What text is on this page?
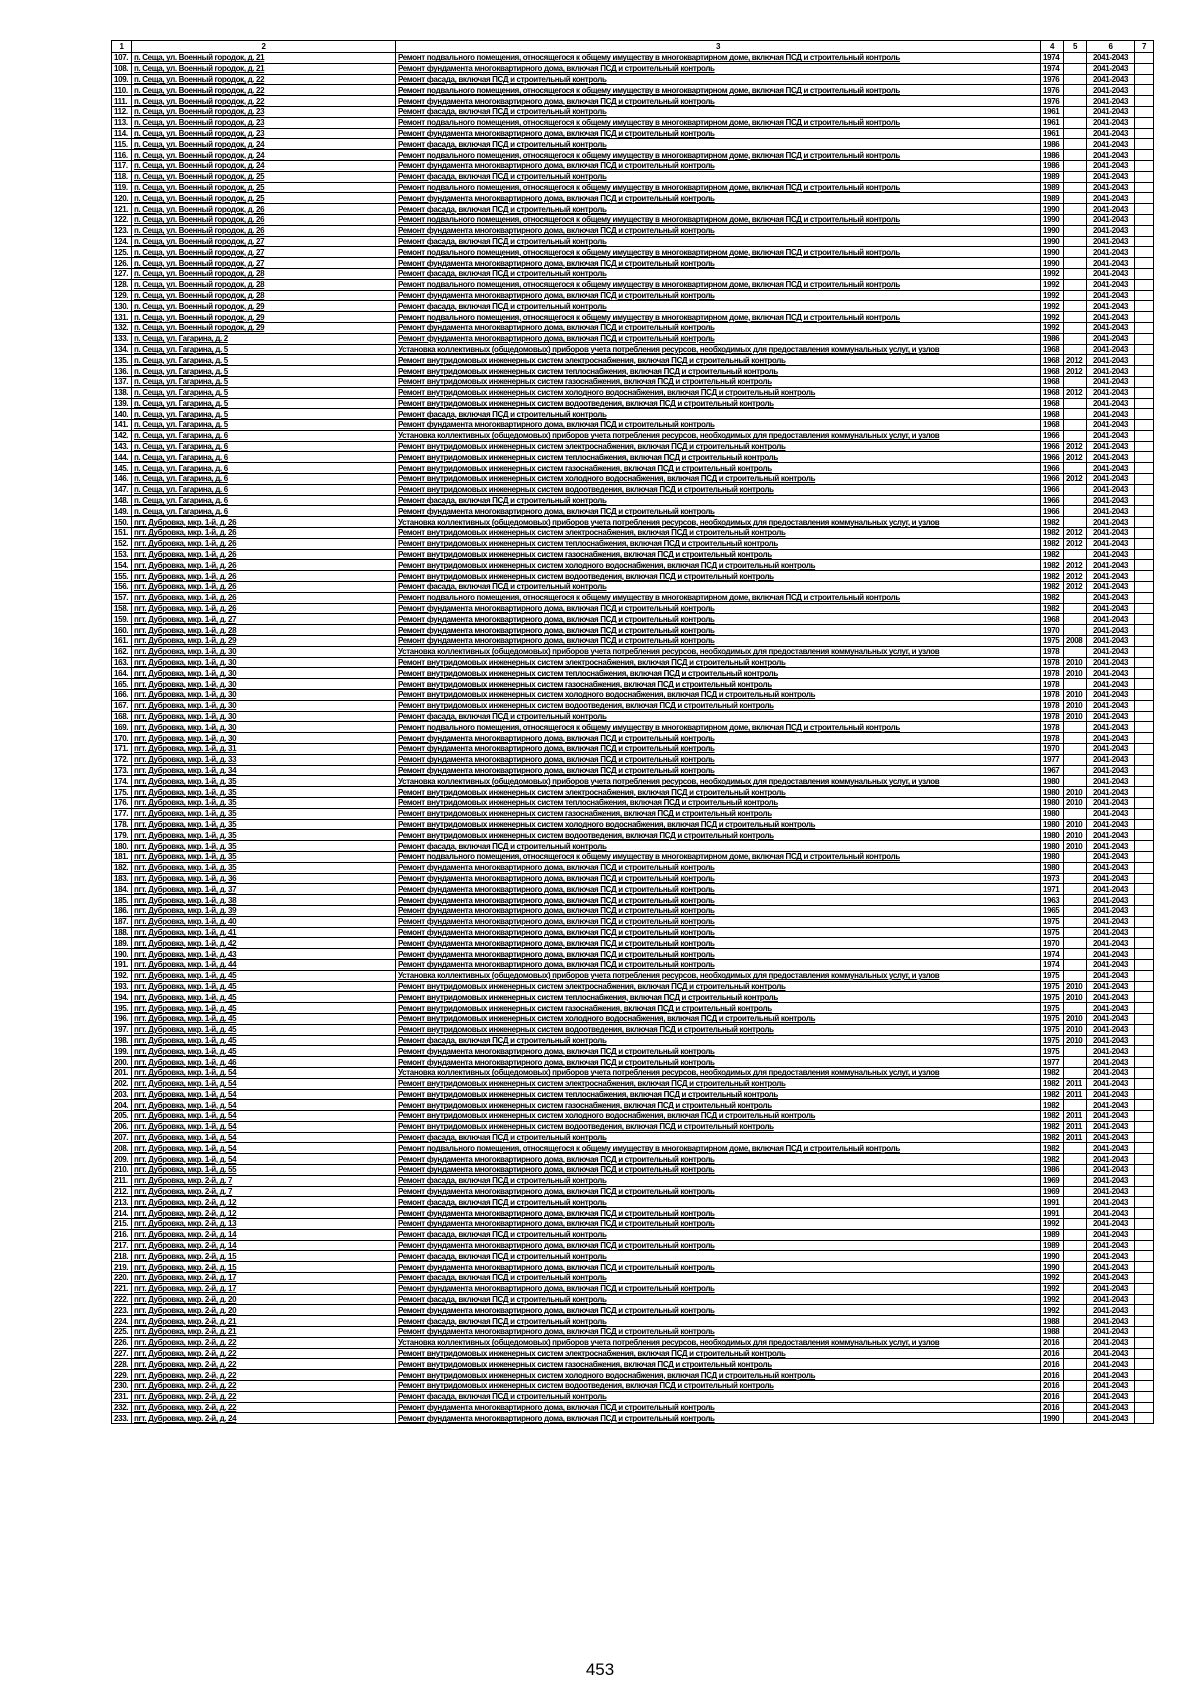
1	2	3	4	5	6	7
107.	п. Сеща, ул. Военный городок, д. 21	Ремонт подвального помещения, относящегося к общему имуществу в многоквартирном доме, включая ПСД и строительный контроль	1974		2041-2043	
108.	п. Сеща, ул. Военный городок, д. 21	Ремонт фундамента многоквартирного дома, включая ПСД и строительный контроль	1974		2041-2043	
109.	п. Сеща, ул. Военный городок, д. 22	Ремонт фасада, включая ПСД и строительный контроль	1976		2041-2043	
110.	п. Сеща, ул. Военный городок, д. 22	Ремонт подвального помещения, относящегося к общему имуществу в многоквартирном доме, включая ПСД и строительный контроль	1976		2041-2043	
111.	п. Сеща, ул. Военный городок, д. 22	Ремонт фундамента многоквартирного дома, включая ПСД и строительный контроль	1976		2041-2043	
112.	п. Сеща, ул. Военный городок, д. 23	Ремонт фасада, включая ПСД и строительный контроль	1961		2041-2043	
113.	п. Сеща, ул. Военный городок, д. 23	Ремонт подвального помещения, относящегося к общему имуществу в многоквартирном доме, включая ПСД и строительный контроль	1961		2041-2043	
114.	п. Сеща, ул. Военный городок, д. 23	Ремонт фундамента многоквартирного дома, включая ПСД и строительный контроль	1961		2041-2043	
115.	п. Сеща, ул. Военный городок, д. 24	Ремонт фасада, включая ПСД и строительный контроль	1986		2041-2043	
116.	п. Сеща, ул. Военный городок, д. 24	Ремонт подвального помещения, относящегося к общему имуществу в многоквартирном доме, включая ПСД и строительный контроль	1986		2041-2043	
117.	п. Сеща, ул. Военный городок, д. 24	Ремонт фундамента многоквартирного дома, включая ПСД и строительный контроль	1986		2041-2043	
118.	п. Сеща, ул. Военный городок, д. 25	Ремонт фасада, включая ПСД и строительный контроль	1989		2041-2043	
119.	п. Сеща, ул. Военный городок, д. 25	Ремонт подвального помещения, относящегося к общему имуществу в многоквартирном доме, включая ПСД и строительный контроль	1989		2041-2043	
120.	п. Сеща, ул. Военный городок, д. 25	Ремонт фундамента многоквартирного дома, включая ПСД и строительный контроль	1989		2041-2043	
121.	п. Сеща, ул. Военный городок, д. 26	Ремонт фасада, включая ПСД и строительный контроль	1990		2041-2043	
122.	п. Сеща, ул. Военный городок, д. 26	Ремонт подвального помещения, относящегося к общему имуществу в многоквартирном доме, включая ПСД и строительный контроль	1990		2041-2043	
123.	п. Сеща, ул. Военный городок, д. 26	Ремонт фундамента многоквартирного дома, включая ПСД и строительный контроль	1990		2041-2043	
124.	п. Сеща, ул. Военный городок, д. 27	Ремонт фасада, включая ПСД и строительный контроль	1990		2041-2043	
125.	п. Сеща, ул. Военный городок, д. 27	Ремонт подвального помещения, относящегося к общему имуществу в многоквартирном доме, включая ПСД и строительный контроль	1990		2041-2043	
126.	п. Сеща, ул. Военный городок, д. 27	Ремонт фундамента многоквартирного дома, включая ПСД и строительный контроль	1990		2041-2043	
127.	п. Сеща, ул. Военный городок, д. 28	Ремонт фасада, включая ПСД и строительный контроль	1992		2041-2043	
128.	п. Сеща, ул. Военный городок, д. 28	Ремонт подвального помещения, относящегося к общему имуществу в многоквартирном доме, включая ПСД и строительный контроль	1992		2041-2043	
129.	п. Сеща, ул. Военный городок, д. 28	Ремонт фундамента многоквартирного дома, включая ПСД и строительный контроль	1992		2041-2043	
130.	п. Сеща, ул. Военный городок, д. 29	Ремонт фасада, включая ПСД и строительный контроль	1992		2041-2043	
131.	п. Сеща, ул. Военный городок, д. 29	Ремонт подвального помещения, относящегося к общему имуществу в многоквартирном доме, включая ПСД и строительный контроль	1992		2041-2043	
132.	п. Сеща, ул. Военный городок, д. 29	Ремонт фундамента многоквартирного дома, включая ПСД и строительный контроль	1992		2041-2043	
133.	п. Сеща, ул. Гагарина, д. 2	Ремонт фундамента многоквартирного дома, включая ПСД и строительный контроль	1986		2041-2043	
134.	п. Сеща, ул. Гагарина, д. 5	Установка коллективных (общедомовых) приборов учета потребления ресурсов, необходимых для предоставления коммунальных услуг, и узлов	1968		2041-2043	
135.	п. Сеща, ул. Гагарина, д. 5	Ремонт внутридомовых инженерных систем электроснабжения, включая ПСД и строительный контроль	1968	2012	2041-2043	
136.	п. Сеща, ул. Гагарина, д. 5	Ремонт внутридомовых инженерных систем теплоснабжения, включая ПСД и строительный контроль	1968	2012	2041-2043	
137.	п. Сеща, ул. Гагарина, д. 5	Ремонт внутридомовых инженерных систем газоснабжения, включая ПСД и строительный контроль	1968		2041-2043	
138.	п. Сеща, ул. Гагарина, д. 5	Ремонт внутридомовых инженерных систем холодного водоснабжения, включая ПСД и строительный контроль	1968	2012	2041-2043	
139.	п. Сеща, ул. Гагарина, д. 5	Ремонт внутридомовых инженерных систем водоотведения, включая ПСД и строительный контроль	1968		2041-2043	
140.	п. Сеща, ул. Гагарина, д. 5	Ремонт фасада, включая ПСД и строительный контроль	1968		2041-2043	
141.	п. Сеща, ул. Гагарина, д. 5	Ремонт фундамента многоквартирного дома, включая ПСД и строительный контроль	1968		2041-2043	
142.	п. Сеща, ул. Гагарина, д. 6	Установка коллективных (общедомовых) приборов учета потребления ресурсов, необходимых для предоставления коммунальных услуг, и узлов	1966		2041-2043	
143.	п. Сеща, ул. Гагарина, д. 6	Ремонт внутридомовых инженерных систем электроснабжения, включая ПСД и строительный контроль	1966	2012	2041-2043	
144.	п. Сеща, ул. Гагарина, д. 6	Ремонт внутридомовых инженерных систем теплоснабжения, включая ПСД и строительный контроль	1966	2012	2041-2043	
145.	п. Сеща, ул. Гагарина, д. 6	Ремонт внутридомовых инженерных систем газоснабжения, включая ПСД и строительный контроль	1966		2041-2043	
146.	п. Сеща, ул. Гагарина, д. 6	Ремонт внутридомовых инженерных систем холодного водоснабжения, включая ПСД и строительный контроль	1966	2012	2041-2043	
147.	п. Сеща, ул. Гагарина, д. 6	Ремонт внутридомовых инженерных систем водоотведения, включая ПСД и строительный контроль	1966		2041-2043	
148.	п. Сеща, ул. Гагарина, д. 6	Ремонт фасада, включая ПСД и строительный контроль	1966		2041-2043	
149.	п. Сеща, ул. Гагарина, д. 6	Ремонт фундамента многоквартирного дома, включая ПСД и строительный контроль	1966		2041-2043	
150.	пгт. Дубровка, мкр. 1-й, д. 26	Установка коллективных (общедомовых) приборов учета потребления ресурсов, необходимых для предоставления коммунальных услуг, и узлов	1982		2041-2043	
151.	пгт. Дубровка, мкр. 1-й, д. 26	Ремонт внутридомовых инженерных систем электроснабжения, включая ПСД и строительный контроль	1982	2012	2041-2043	
152.	пгт. Дубровка, мкр. 1-й, д. 26	Ремонт внутридомовых инженерных систем теплоснабжения, включая ПСД и строительный контроль	1982	2012	2041-2043	
153.	пгт. Дубровка, мкр. 1-й, д. 26	Ремонт внутридомовых инженерных систем газоснабжения, включая ПСД и строительный контроль	1982		2041-2043	
154.	пгт. Дубровка, мкр. 1-й, д. 26	Ремонт внутридомовых инженерных систем холодного водоснабжения, включая ПСД и строительный контроль	1982	2012	2041-2043	
155.	пгт. Дубровка, мкр. 1-й, д. 26	Ремонт внутридомовых инженерных систем водоотведения, включая ПСД и строительный контроль	1982	2012	2041-2043	
156.	пгт. Дубровка, мкр. 1-й, д. 26	Ремонт фасада, включая ПСД и строительный контроль	1982	2012	2041-2043	
157.	пгт. Дубровка, мкр. 1-й, д. 26	Ремонт подвального помещения, относящегося к общему имуществу в многоквартирном доме, включая ПСД и строительный контроль	1982		2041-2043	
158.	пгт. Дубровка, мкр. 1-й, д. 26	Ремонт фундамента многоквартирного дома, включая ПСД и строительный контроль	1982		2041-2043	
159.	пгт. Дубровка, мкр. 1-й, д. 27	Ремонт фундамента многоквартирного дома, включая ПСД и строительный контроль	1968		2041-2043	
160.	пгт. Дубровка, мкр. 1-й, д. 28	Ремонт фундамента многоквартирного дома, включая ПСД и строительный контроль	1970		2041-2043	
161.	пгт. Дубровка, мкр. 1-й, д. 29	Ремонт фундамента многоквартирного дома, включая ПСД и строительный контроль	1975	2008	2041-2043	
162.	пгт. Дубровка, мкр. 1-й, д. 30	Установка коллективных (общедомовых) приборов учета потребления ресурсов, необходимых для предоставления коммунальных услуг, и узлов	1978		2041-2043	
163.	пгт. Дубровка, мкр. 1-й, д. 30	Ремонт внутридомовых инженерных систем электроснабжения, включая ПСД и строительный контроль	1978	2010	2041-2043	
164.	пгт. Дубровка, мкр. 1-й, д. 30	Ремонт внутридомовых инженерных систем теплоснабжения, включая ПСД и строительный контроль	1978	2010	2041-2043	
165.	пгт. Дубровка, мкр. 1-й, д. 30	Ремонт внутридомовых инженерных систем газоснабжения, включая ПСД и строительный контроль	1978		2041-2043	
166.	пгт. Дубровка, мкр. 1-й, д. 30	Ремонт внутридомовых инженерных систем холодного водоснабжения, включая ПСД и строительный контроль	1978	2010	2041-2043	
167.	пгт. Дубровка, мкр. 1-й, д. 30	Ремонт внутридомовых инженерных систем водоотведения, включая ПСД и строительный контроль	1978	2010	2041-2043	
168.	пгт. Дубровка, мкр. 1-й, д. 30	Ремонт фасада, включая ПСД и строительный контроль	1978	2010	2041-2043	
169.	пгт. Дубровка, мкр. 1-й, д. 30	Ремонт подвального помещения, относящегося к общему имуществу в многоквартирном доме, включая ПСД и строительный контроль	1978		2041-2043	
170.	пгт. Дубровка, мкр. 1-й, д. 30	Ремонт фундамента многоквартирного дома, включая ПСД и строительный контроль	1978		2041-2043	
171.	пгт. Дубровка, мкр. 1-й, д. 31	Ремонт фундамента многоквартирного дома, включая ПСД и строительный контроль	1970		2041-2043	
172.	пгт. Дубровка, мкр. 1-й, д. 33	Ремонт фундамента многоквартирного дома, включая ПСД и строительный контроль	1977		2041-2043	
173.	пгт. Дубровка, мкр. 1-й, д. 34	Ремонт фундамента многоквартирного дома, включая ПСД и строительный контроль	1967		2041-2043	
174.	пгт. Дубровка, мкр. 1-й, д. 35	Установка коллективных (общедомовых) приборов учета потребления ресурсов, необходимых для предоставления коммунальных услуг, и узлов	1980		2041-2043	
175.	пгт. Дубровка, мкр. 1-й, д. 35	Ремонт внутридомовых инженерных систем электроснабжения, включая ПСД и строительный контроль	1980	2010	2041-2043	
176.	пгт. Дубровка, мкр. 1-й, д. 35	Ремонт внутридомовых инженерных систем теплоснабжения, включая ПСД и строительный контроль	1980	2010	2041-2043	
177.	пгт. Дубровка, мкр. 1-й, д. 35	Ремонт внутридомовых инженерных систем газоснабжения, включая ПСД и строительный контроль	1980		2041-2043	
178.	пгт. Дубровка, мкр. 1-й, д. 35	Ремонт внутридомовых инженерных систем холодного водоснабжения, включая ПСД и строительный контроль	1980	2010	2041-2043	
179.	пгт. Дубровка, мкр. 1-й, д. 35	Ремонт внутридомовых инженерных систем водоотведения, включая ПСД и строительный контроль	1980	2010	2041-2043	
180.	пгт. Дубровка, мкр. 1-й, д. 35	Ремонт фасада, включая ПСД и строительный контроль	1980	2010	2041-2043	
181.	пгт. Дубровка, мкр. 1-й, д. 35	Ремонт подвального помещения, относящегося к общему имуществу в многоквартирном доме, включая ПСД и строительный контроль	1980		2041-2043	
182.	пгт. Дубровка, мкр. 1-й, д. 35	Ремонт фундамента многоквартирного дома, включая ПСД и строительный контроль	1980		2041-2043	
183.	пгт. Дубровка, мкр. 1-й, д. 36	Ремонт фундамента многоквартирного дома, включая ПСД и строительный контроль	1973		2041-2043	
184.	пгт. Дубровка, мкр. 1-й, д. 37	Ремонт фундамента многоквартирного дома, включая ПСД и строительный контроль	1971		2041-2043	
185.	пгт. Дубровка, мкр. 1-й, д. 38	Ремонт фундамента многоквартирного дома, включая ПСД и строительный контроль	1963		2041-2043	
186.	пгт. Дубровка, мкр. 1-й, д. 39	Ремонт фундамента многоквартирного дома, включая ПСД и строительный контроль	1965		2041-2043	
187.	пгт. Дубровка, мкр. 1-й, д. 40	Ремонт фундамента многоквартирного дома, включая ПСД и строительный контроль	1975		2041-2043	
188.	пгт. Дубровка, мкр. 1-й, д. 41	Ремонт фундамента многоквартирного дома, включая ПСД и строительный контроль	1975		2041-2043	
189.	пгт. Дубровка, мкр. 1-й, д. 42	Ремонт фундамента многоквартирного дома, включая ПСД и строительный контроль	1970		2041-2043	
190.	пгт. Дубровка, мкр. 1-й, д. 43	Ремонт фундамента многоквартирного дома, включая ПСД и строительный контроль	1974		2041-2043	
191.	пгт. Дубровка, мкр. 1-й, д. 44	Ремонт фундамента многоквартирного дома, включая ПСД и строительный контроль	1974		2041-2043	
192.	пгт. Дубровка, мкр. 1-й, д. 45	Установка коллективных (общедомовых) приборов учета потребления ресурсов, необходимых для предоставления коммунальных услуг, и узлов	1975		2041-2043	
193.	пгт. Дубровка, мкр. 1-й, д. 45	Ремонт внутридомовых инженерных систем электроснабжения, включая ПСД и строительный контроль	1975	2010	2041-2043	
194.	пгт. Дубровка, мкр. 1-й, д. 45	Ремонт внутридомовых инженерных систем теплоснабжения, включая ПСД и строительный контроль	1975	2010	2041-2043	
195.	пгт. Дубровка, мкр. 1-й, д. 45	Ремонт внутридомовых инженерных систем газоснабжения, включая ПСД и строительный контроль	1975		2041-2043	
196.	пгт. Дубровка, мкр. 1-й, д. 45	Ремонт внутридомовых инженерных систем холодного водоснабжения, включая ПСД и строительный контроль	1975	2010	2041-2043	
197.	пгт. Дубровка, мкр. 1-й, д. 45	Ремонт внутридомовых инженерных систем водоотведения, включая ПСД и строительный контроль	1975	2010	2041-2043	
198.	пгт. Дубровка, мкр. 1-й, д. 45	Ремонт фасада, включая ПСД и строительный контроль	1975	2010	2041-2043	
199.	пгт. Дубровка, мкр. 1-й, д. 45	Ремонт фундамента многоквартирного дома, включая ПСД и строительный контроль	1975		2041-2043	
200.	пгт. Дубровка, мкр. 1-й, д. 46	Ремонт фундамента многоквартирного дома, включая ПСД и строительный контроль	1977		2041-2043	
201.	пгт. Дубровка, мкр. 1-й, д. 54	Установка коллективных (общедомовых) приборов учета потребления ресурсов, необходимых для предоставления коммунальных услуг, и узлов	1982		2041-2043	
202.	пгт. Дубровка, мкр. 1-й, д. 54	Ремонт внутридомовых инженерных систем электроснабжения, включая ПСД и строительный контроль	1982	2011	2041-2043	
203.	пгт. Дубровка, мкр. 1-й, д. 54	Ремонт внутридомовых инженерных систем теплоснабжения, включая ПСД и строительный контроль	1982	2011	2041-2043	
204.	пгт. Дубровка, мкр. 1-й, д. 54	Ремонт внутридомовых инженерных систем газоснабжения, включая ПСД и строительный контроль	1982		2041-2043	
205.	пгт. Дубровка, мкр. 1-й, д. 54	Ремонт внутридомовых инженерных систем холодного водоснабжения, включая ПСД и строительный контроль	1982	2011	2041-2043	
206.	пгт. Дубровка, мкр. 1-й, д. 54	Ремонт внутридомовых инженерных систем водоотведения, включая ПСД и строительный контроль	1982	2011	2041-2043	
207.	пгт. Дубровка, мкр. 1-й, д. 54	Ремонт фасада, включая ПСД и строительный контроль	1982	2011	2041-2043	
208.	пгт. Дубровка, мкр. 1-й, д. 54	Ремонт подвального помещения, относящегося к общему имуществу в многоквартирном доме, включая ПСД и строительный контроль	1982		2041-2043	
209.	пгт. Дубровка, мкр. 1-й, д. 54	Ремонт фундамента многоквартирного дома, включая ПСД и строительный контроль	1982		2041-2043	
210.	пгт. Дубровка, мкр. 1-й, д. 55	Ремонт фундамента многоквартирного дома, включая ПСД и строительный контроль	1986		2041-2043	
211.	пгт. Дубровка, мкр. 2-й, д. 7	Ремонт фасада, включая ПСД и строительный контроль	1969		2041-2043	
212.	пгт. Дубровка, мкр. 2-й, д. 7	Ремонт фундамента многоквартирного дома, включая ПСД и строительный контроль	1969		2041-2043	
213.	пгт. Дубровка, мкр. 2-й, д. 12	Ремонт фасада, включая ПСД и строительный контроль	1991		2041-2043	
214.	пгт. Дубровка, мкр. 2-й, д. 12	Ремонт фундамента многоквартирного дома, включая ПСД и строительный контроль	1991		2041-2043	
215.	пгт. Дубровка, мкр. 2-й, д. 13	Ремонт фундамента многоквартирного дома, включая ПСД и строительный контроль	1992		2041-2043	
216.	пгт. Дубровка, мкр. 2-й, д. 14	Ремонт фасада, включая ПСД и строительный контроль	1989		2041-2043	
217.	пгт. Дубровка, мкр. 2-й, д. 14	Ремонт фундамента многоквартирного дома, включая ПСД и строительный контроль	1989		2041-2043	
218.	пгт. Дубровка, мкр. 2-й, д. 15	Ремонт фасада, включая ПСД и строительный контроль	1990		2041-2043	
219.	пгт. Дубровка, мкр. 2-й, д. 15	Ремонт фундамента многоквартирного дома, включая ПСД и строительный контроль	1990		2041-2043	
220.	пгт. Дубровка, мкр. 2-й, д. 17	Ремонт фасада, включая ПСД и строительный контроль	1992		2041-2043	
221.	пгт. Дубровка, мкр. 2-й, д. 17	Ремонт фундамента многоквартирного дома, включая ПСД и строительный контроль	1992		2041-2043	
222.	пгт. Дубровка, мкр. 2-й, д. 20	Ремонт фасада, включая ПСД и строительный контроль	1992		2041-2043	
223.	пгт. Дубровка, мкр. 2-й, д. 20	Ремонт фундамента многоквартирного дома, включая ПСД и строительный контроль	1992		2041-2043	
224.	пгт. Дубровка, мкр. 2-й, д. 21	Ремонт фасада, включая ПСД и строительный контроль	1988		2041-2043	
225.	пгт. Дубровка, мкр. 2-й, д. 21	Ремонт фундамента многоквартирного дома, включая ПСД и строительный контроль	1988		2041-2043	
226.	пгт. Дубровка, мкр. 2-й, д. 22	Установка коллективных (общедомовых) приборов учета потребления ресурсов, необходимых для предоставления коммунальных услуг, и узлов	2016		2041-2043	
227.	пгт. Дубровка, мкр. 2-й, д. 22	Ремонт внутридомовых инженерных систем электроснабжения, включая ПСД и строительный контроль	2016		2041-2043	
228.	пгт. Дубровка, мкр. 2-й, д. 22	Ремонт внутридомовых инженерных систем газоснабжения, включая ПСД и строительный контроль	2016		2041-2043	
229.	пгт. Дубровка, мкр. 2-й, д. 22	Ремонт внутридомовых инженерных систем холодного водоснабжения, включая ПСД и строительный контроль	2016		2041-2043	
230.	пгт. Дубровка, мкр. 2-й, д. 22	Ремонт внутридомовых инженерных систем водоотведения, включая ПСД и строительный контроль	2016		2041-2043	
231.	пгт. Дубровка, мкр. 2-й, д. 22	Ремонт фасада, включая ПСД и строительный контроль	2016		2041-2043	
232.	пгт. Дубровка, мкр. 2-й, д. 22	Ремонт фундамента многоквартирного дома, включая ПСД и строительный контроль	2016		2041-2043	
233.	пгт. Дубровка, мкр. 2-й, д. 24	Ремонт фундамента многоквартирного дома, включая ПСД и строительный контроль	1990		2041-2043	
453
